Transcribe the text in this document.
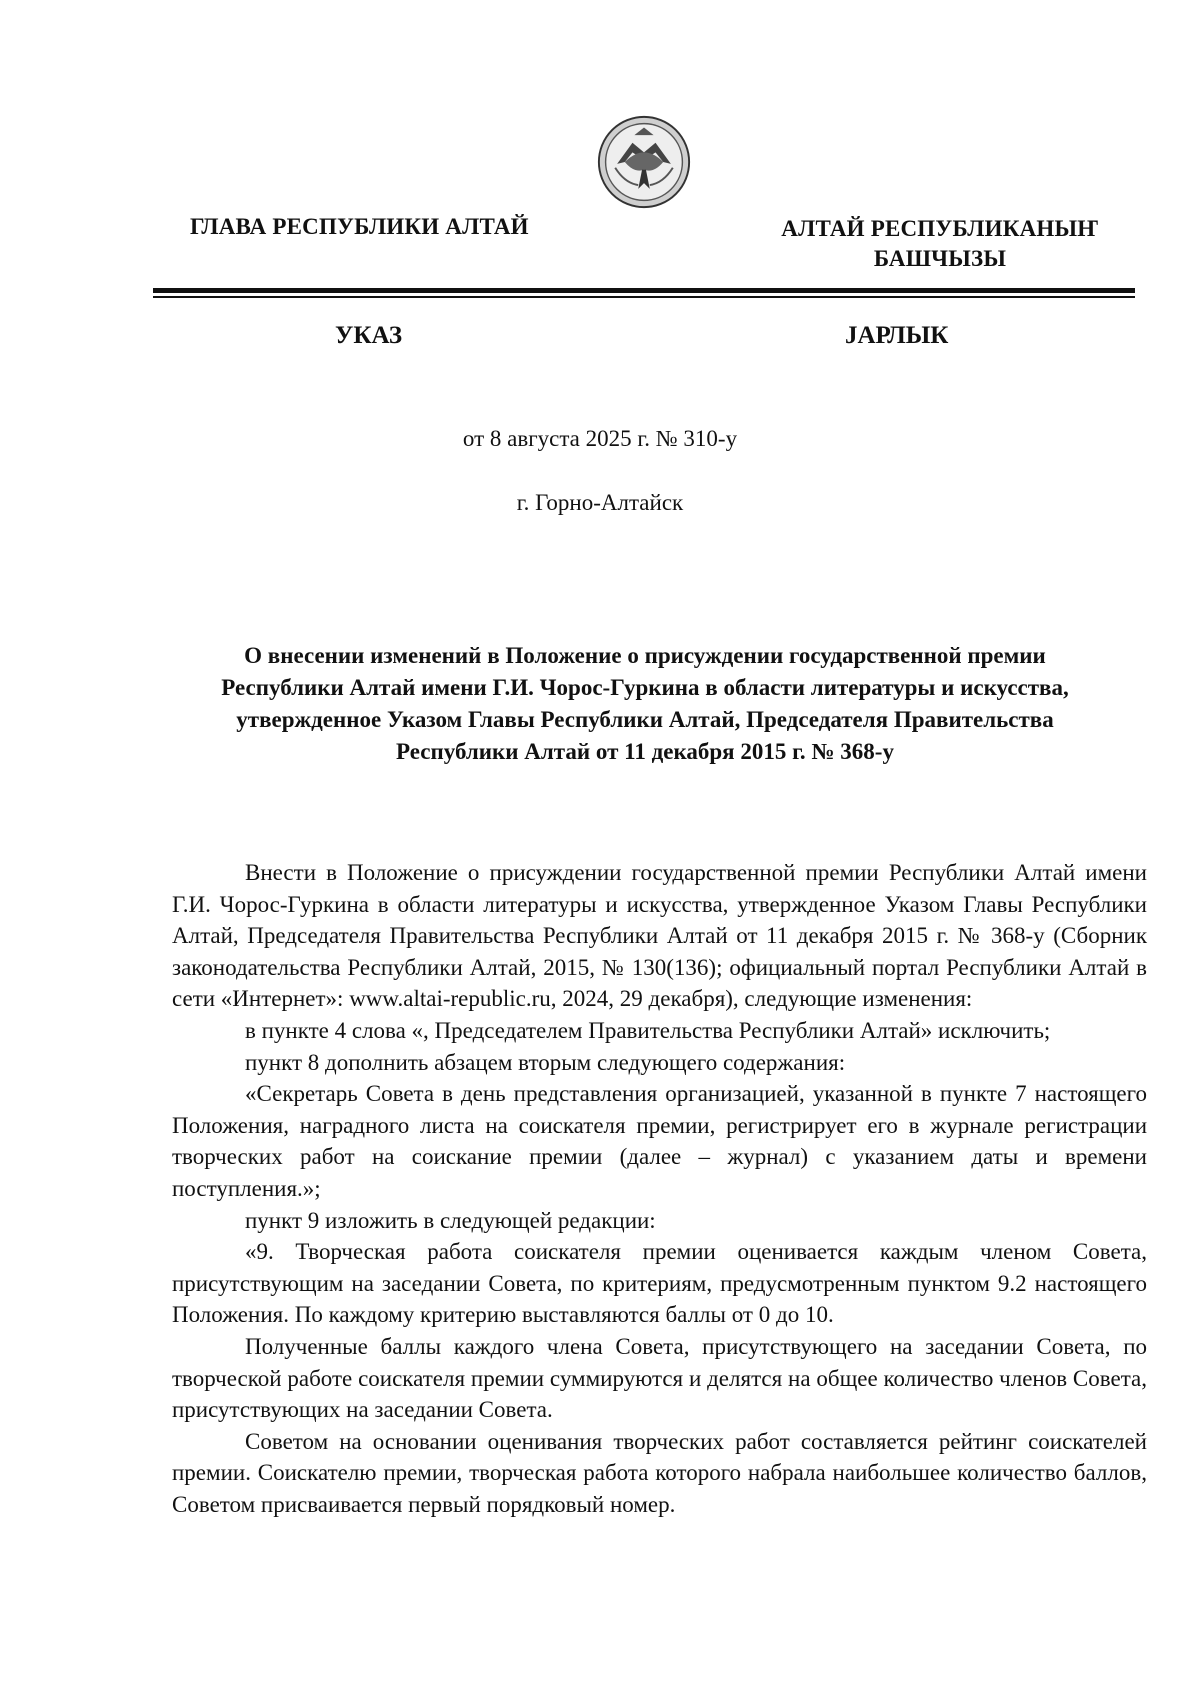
ГЛАВА РЕСПУБЛИКИ АЛТАЙ	АЛТАЙ РЕСПУБЛИКАНЫҤ
БАШЧЫЗЫ
УКАЗ	ЈАРЛЫК
от 8 августа 2025 г. № 310-у
г. Горно-Алтайск
О внесении изменений в Положение о присуждении государственной премии
Республики Алтай имени Г.И. Чорос-Гуркина в области литературы и искусства,
утвержденное Указом Главы Республики Алтай, Председателя Правительства
Республики Алтай от 11 декабря 2015 г. № 368-у

Внести в Положение о присуждении государственной премии Республики Алтай имени Г.И. Чорос-Гуркина в области литературы и искусства, утвержденное Указом Главы Республики Алтай, Председателя Правительства Республики Алтай от 11 декабря 2015 г. № 368-у (Сборник законодательства Республики Алтай, 2015, № 130(136); официальный портал Республики Алтай в сети «Интернет»: www.altai-republic.ru, 2024, 29 декабря), следующие изменения:

в пункте 4 слова «, Председателем Правительства Республики Алтай» исключить;

пункт 8 дополнить абзацем вторым следующего содержания:

«Секретарь Совета в день представления организацией, указанной в пункте 7 настоящего Положения, наградного листа на соискателя премии, регистрирует его в журнале регистрации творческих работ на соискание премии (далее – журнал) с указанием даты и времени поступления.»;

пункт 9 изложить в следующей редакции:

«9. Творческая работа соискателя премии оценивается каждым членом Совета, присутствующим на заседании Совета, по критериям, предусмотренным пунктом 9.2 настоящего Положения. По каждому критерию выставляются баллы от 0 до 10.

Полученные баллы каждого члена Совета, присутствующего на заседании Совета, по творческой работе соискателя премии суммируются и делятся на общее количество членов Совета, присутствующих на заседании Совета.

Советом на основании оценивания творческих работ составляется рейтинг соискателей премии. Соискателю премии, творческая работа которого набрала наибольшее количество баллов, Советом присваивается первый порядковый номер.
